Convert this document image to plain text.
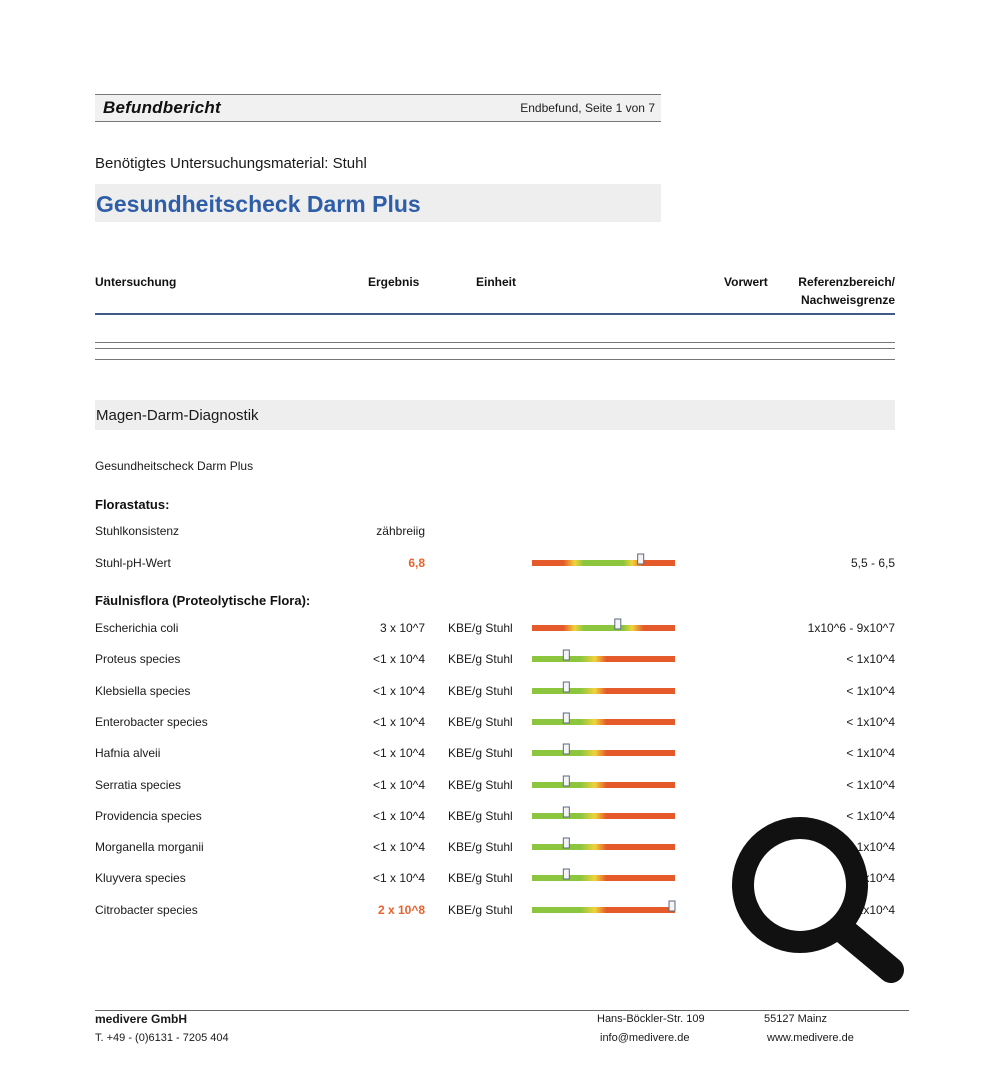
Befundbericht	Endbefund, Seite 1 von 7
Benötigtes Untersuchungsmaterial: Stuhl
Gesundheitscheck Darm Plus
Untersuchung	Ergebnis	Einheit	Vorwert	Referenzbereich/
Nachweisgrenze
Magen-Darm-Diagnostik
Gesundheitscheck Darm Plus
Florastatus:
Stuhlkonsistenz	zähbreiig
Stuhl-pH-Wert	6,8	5,5 - 6,5
Fäulnisflora (Proteolytische Flora):
Escherichia coli	3 x 10^7 KBE/g Stuhl	1x10^6 - 9x10^7
Proteus species	<1 x 10^4 KBE/g Stuhl	< 1x10^4
Klebsiella species	<1 x 10^4 KBE/g Stuhl	< 1x10^4
Enterobacter species	<1 x 10^4 KBE/g Stuhl	< 1x10^4
Hafnia alveii	<1 x 10^4 KBE/g Stuhl	< 1x10^4
Serratia species	<1 x 10^4 KBE/g Stuhl	< 1x10^4
Providencia species	<1 x 10^4 KBE/g Stuhl	< 1x10^4
Morganella morganii	<1 x 10^4 KBE/g Stuhl	< 1x10^4
Kluyvera species	<1 x 10^4 KBE/g Stuhl	< 1x10^4
Citrobacter species	2 x 10^8 KBE/g Stuhl	< 1x10^4
medivere GmbH
T. +49 - (0)6131 - 7205 404
Hans-Böckler-Str. 109
info@medivere.de
55127 Mainz
www.medivere.de
